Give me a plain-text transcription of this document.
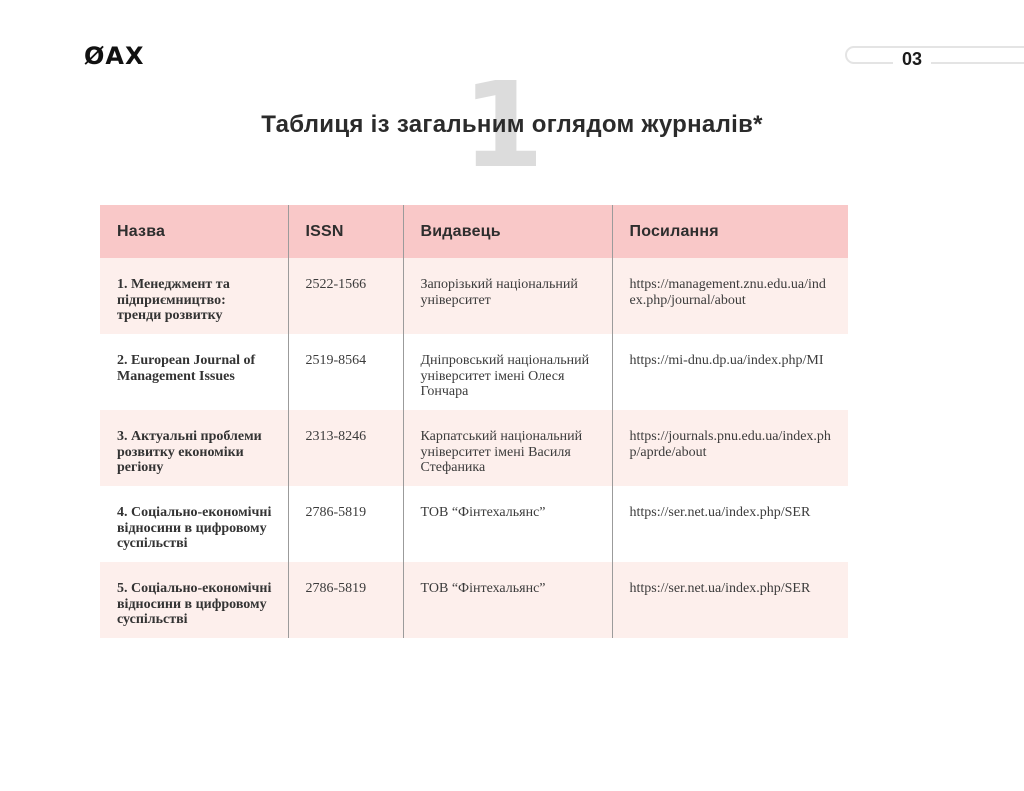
ØАХ	03
1
Таблиця із загальним оглядом журналів*
Назва	ISSN	Видавець	Посилання
1. Менеджмент та підприємництво: тренди розвитку	2522-1566	Запорізький національний університет	https://management.znu.edu.ua/index.php/journal/about
2. European Journal of Management Issues	2519-8564	Дніпровський національний університет імені Олеся Гончара	https://mi-dnu.dp.ua/index.php/MI
3. Актуальні проблеми розвитку економіки регіону	2313-8246	Карпатський національний університет імені Василя Стефаника	https://journals.pnu.edu.ua/index.php/aprde/about
4. Соціально-економічні відносини в цифровому суспільстві	2786-5819	ТОВ “Фінтехальянс”	https://ser.net.ua/index.php/SER
5. Соціально-економічні відносини в цифровому суспільстві	2786-5819	ТОВ “Фінтехальянс”	https://ser.net.ua/index.php/SER
